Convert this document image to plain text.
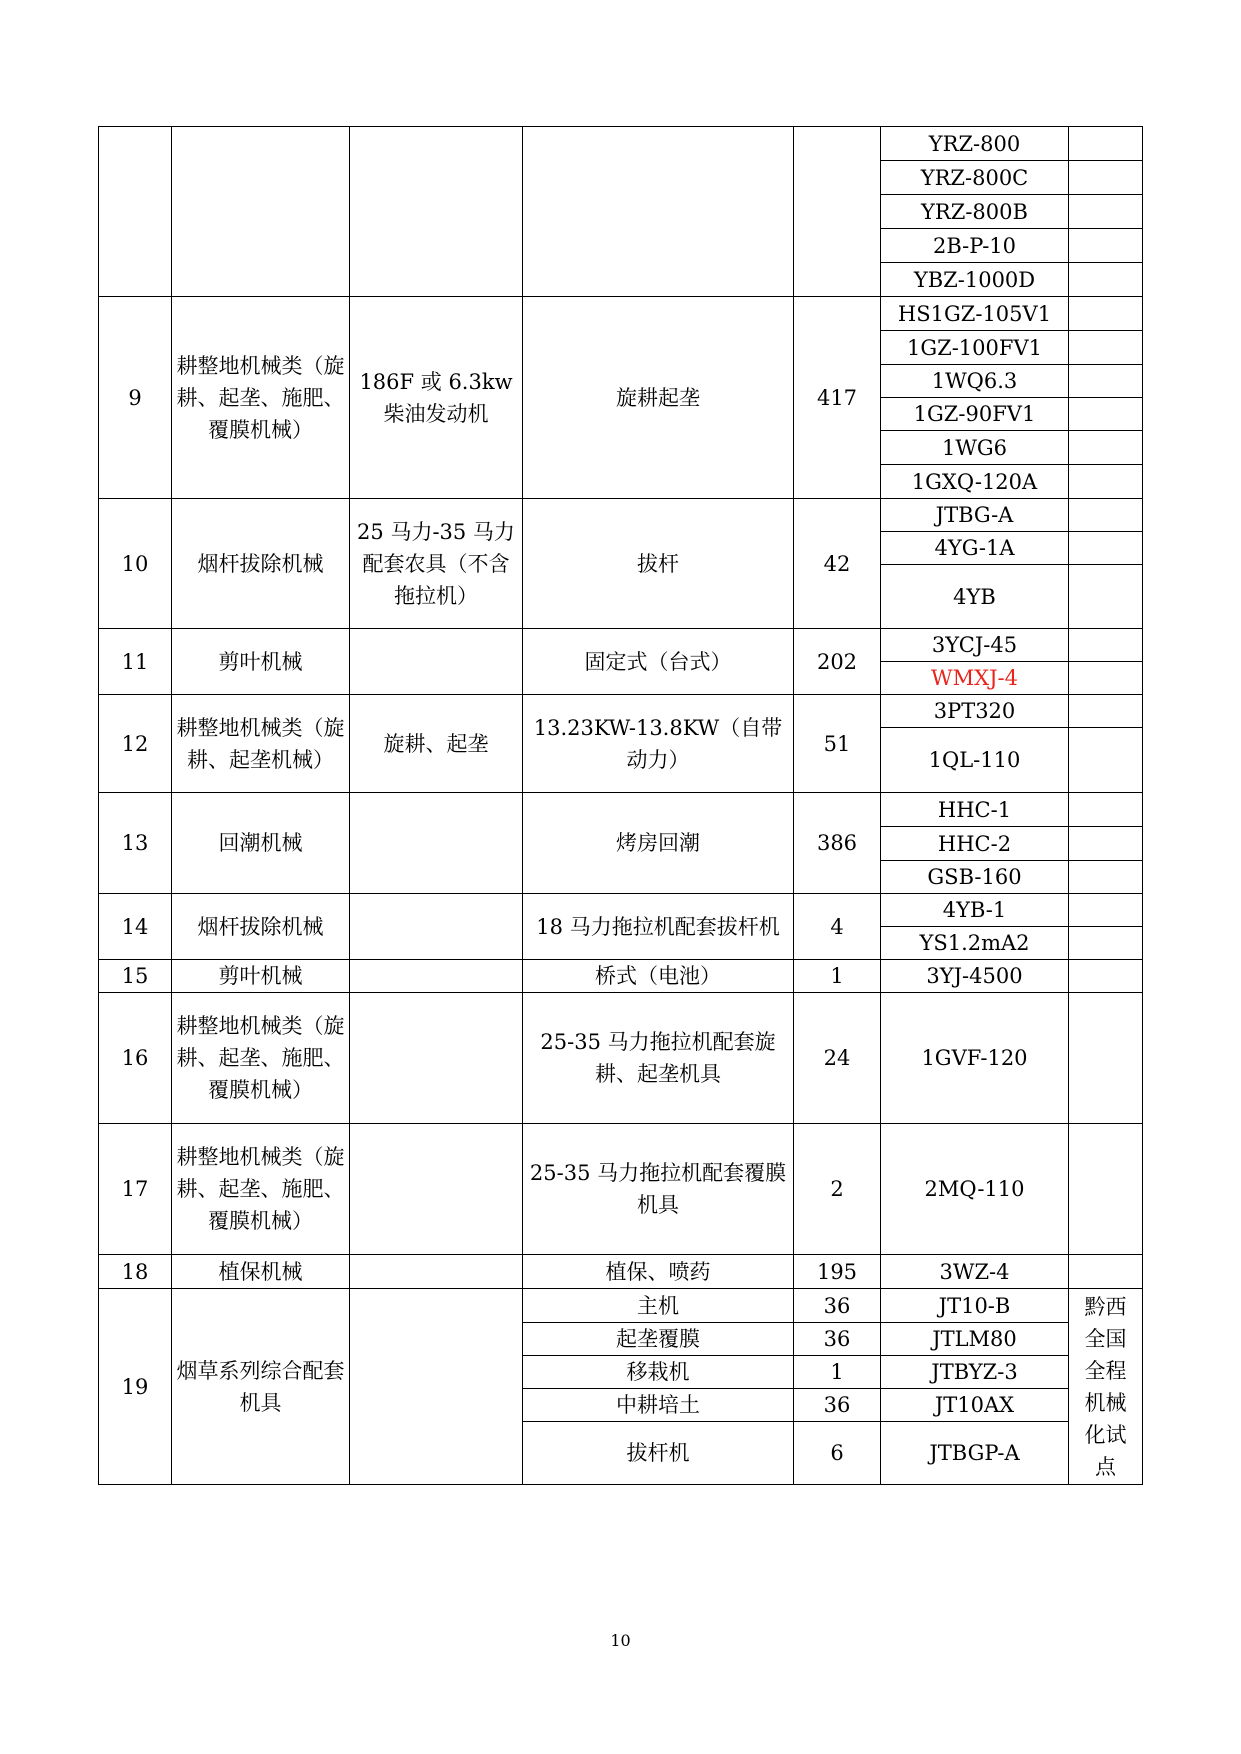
					YRZ-800	
					YRZ-800C	
					YRZ-800B	
					2B-P-10	
					YBZ-1000D	
9	耕整地机械类（旋耕、起垄、施肥、覆膜机械）	186F 或 6.3kw 柴油发动机	旋耕起垄	417	HS1GZ-105V1	
					1GZ-100FV1	
					1WQ6.3	
					1GZ-90FV1	
					1WG6	
					1GXQ-120A	
10	烟杆拔除机械	25 马力-35 马力配套农具（不含拖拉机）	拔杆	42	JTBG-A	
					4YG-1A	
					4YB	
11	剪叶机械		固定式（台式）	202	3YCJ-45	
					WMXJ-4	
12	耕整地机械类（旋耕、起垄机械）	旋耕、起垄	13.23KW-13.8KW（自带动力）	51	3PT320	
					1QL-110	
13	回潮机械		烤房回潮	386	HHC-1	
					HHC-2	
					GSB-160	
14	烟杆拔除机械		18 马力拖拉机配套拔杆机	4	4YB-1	
					YS1.2mA2	
15	剪叶机械		桥式（电池）	1	3YJ-4500	
16	耕整地机械类（旋耕、起垄、施肥、覆膜机械）		25-35 马力拖拉机配套旋耕、起垄机具	24	1GVF-120	
17	耕整地机械类（旋耕、起垄、施肥、覆膜机械）		25-35 马力拖拉机配套覆膜机具	2	2MQ-110	
18	植保机械		植保、喷药	195	3WZ-4	
19	烟草系列综合配套机具		主机	36	JT10-B	黔西全国全程机械化试点
			起垄覆膜	36	JTLM80	
			移栽机	1	JTBYZ-3	
			中耕培土	36	JT10AX	
			拔杆机	6	JTBGP-A	
10
